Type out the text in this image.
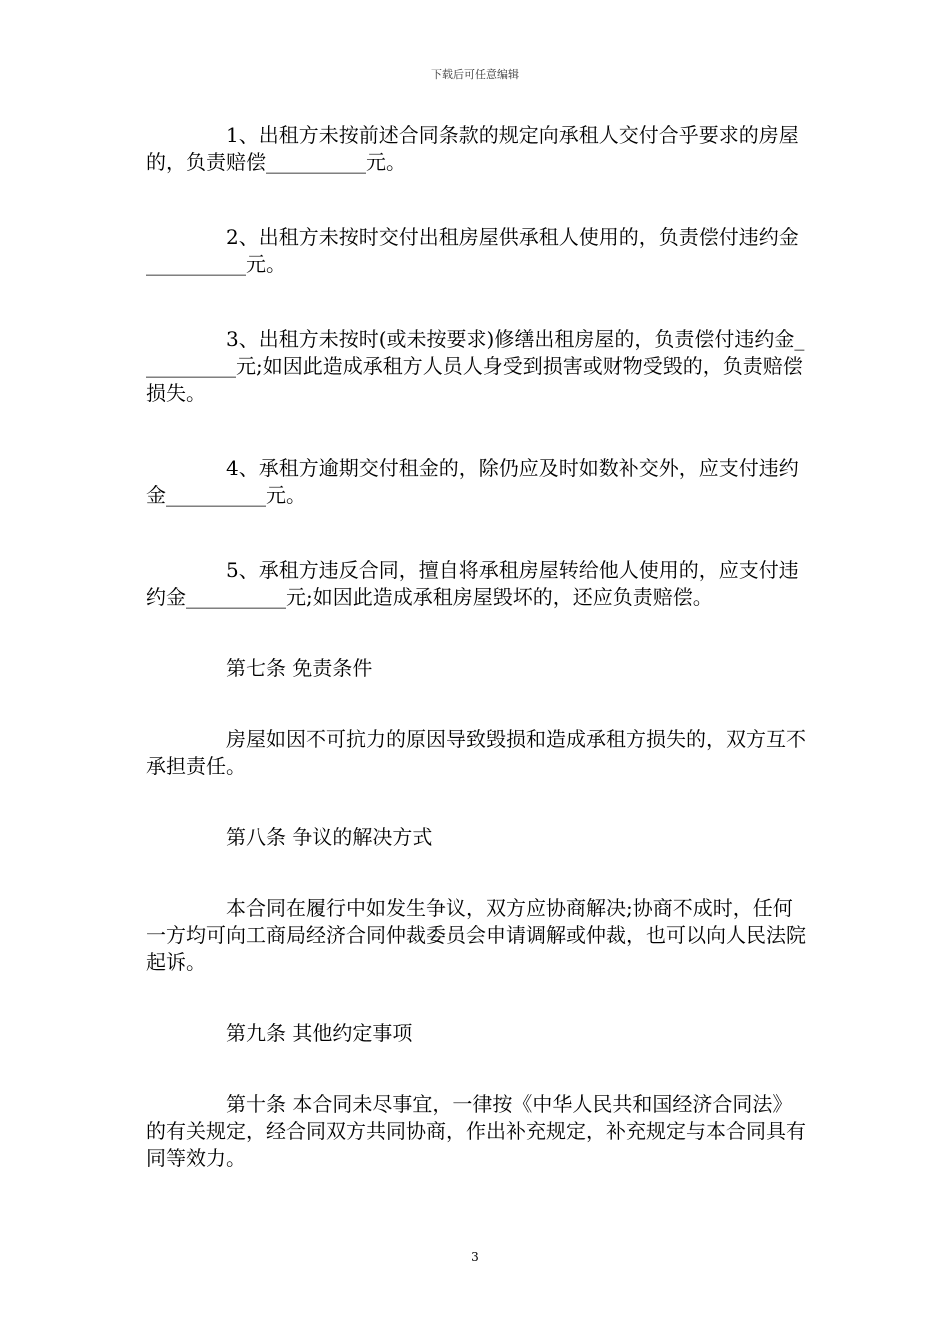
下载后可任意编辑

1、出租方未按前述合同条款的规定向承租人交付合乎要求的房屋的，负责赔偿__________元。

2、出租方未按时交付出租房屋供承租人使用的，负责偿付违约金__________元。

3、出租方未按时(或未按要求)修缮出租房屋的，负责偿付违约金__________元;如因此造成承租方人员人身受到损害或财物受毁的，负责赔偿损失。

4、承租方逾期交付租金的，除仍应及时如数补交外，应支付违约金__________元。

5、承租方违反合同，擅自将承租房屋转给他人使用的，应支付违约金__________元;如因此造成承租房屋毁坏的，还应负责赔偿。

第七条 免责条件

房屋如因不可抗力的原因导致毁损和造成承租方损失的，双方互不承担责任。

第八条 争议的解决方式

本合同在履行中如发生争议，双方应协商解决;协商不成时，任何一方均可向工商局经济合同仲裁委员会申请调解或仲裁，也可以向人民法院起诉。

第九条 其他约定事项

第十条 本合同未尽事宜，一律按《中华人民共和国经济合同法》的有关规定，经合同双方共同协商，作出补充规定，补充规定与本合同具有同等效力。

3
